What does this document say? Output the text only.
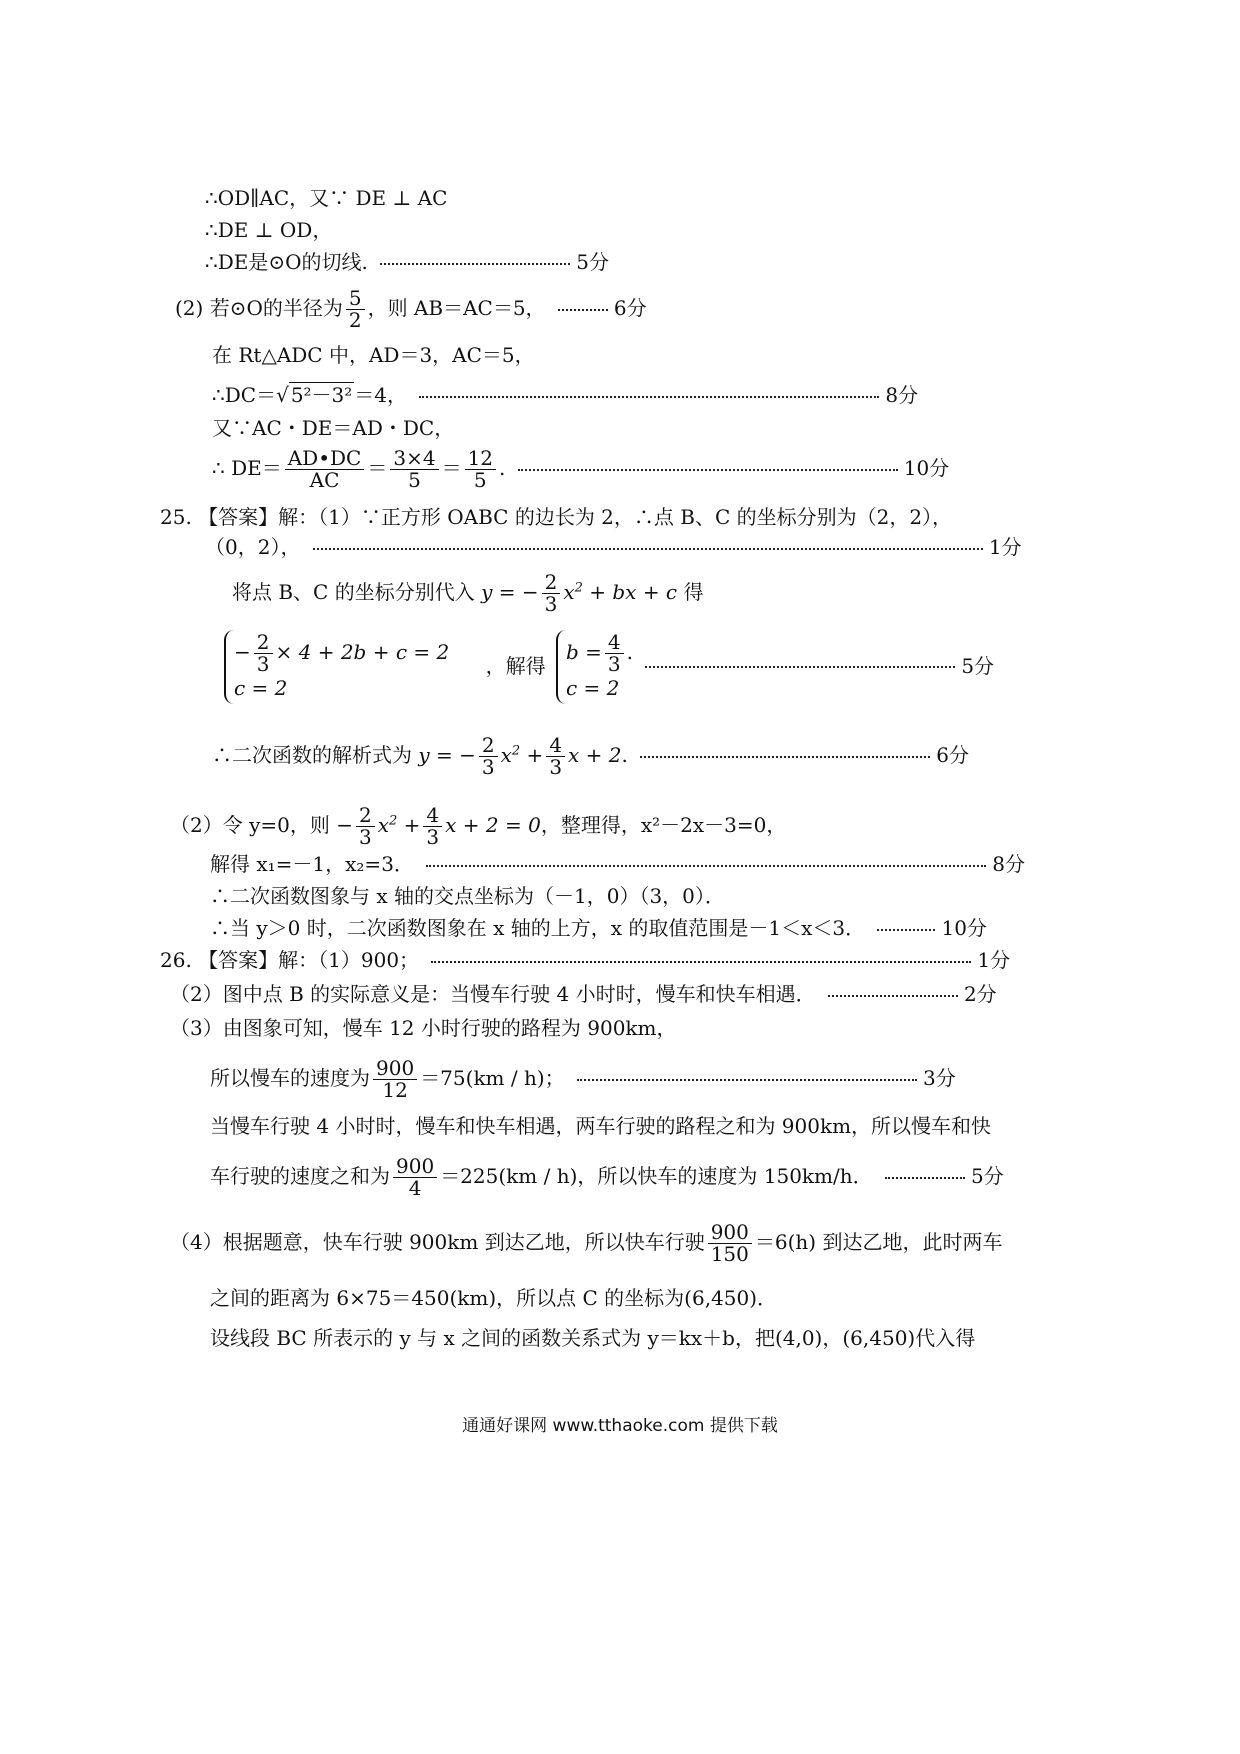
∴OD∥AC，又∵ DE ⊥ AC
∴DE ⊥ OD，
∴DE是⊙O的切线.	5分
(2) 若⊙O的半径为 $\frac{5}{2}$ ，则 AB＝AC＝5，	6分
在 Rt△ADC 中，AD＝3，AC＝5，
∴DC＝√ 5²－3² ＝4，	8分
又∵AC・DE＝AD・DC，
∴ $DE= \frac{AD•DC}{AC} = \frac{3\times 4}{5} = \frac{12}{5}$ .	10分
25. 【答案】解：（1）∵正方形 OABC 的边长为 2，∴点 B、C 的坐标分别为（2，2），
（0，2），	1分
将点 B、C 的坐标分别代入 y = − $\frac{2}{3} x^2$ + bx + c 得
− $\frac{2}{3} \times 4 + 2b + c = 2$
c = 2
，解得
$b = \frac{4}{3}$ .
c = 2
5分
∴二次函数的解析式为 y = − $\frac{2}{3} x^2 + \frac{4}{3}$ x + 2.	6分
（2）令 y=0，则 − $\frac{2}{3} x^2 + \frac{4}{3}$ x + 2 = 0，整理得，x²－2x－3=0，
解得 x₁=－1，x₂=3．	8分
∴二次函数图象与 x 轴的交点坐标为（－1，0）（3，0）．
∴当 y＞0 时，二次函数图象在 x 轴的上方，x 的取值范围是－1＜x＜3．	10分
26. 【答案】解：（1）900；	1分
（2）图中点 B 的实际意义是：当慢车行驶 4 小时时，慢车和快车相遇．	2分
（3）由图象可知，慢车 12 小时行驶的路程为 900km，
所以慢车的速度为 $\frac{900}{12} =75(km / h)$；	3分
当慢车行驶 4 小时时，慢车和快车相遇，两车行驶的路程之和为 900km，所以慢车和快
车行驶的速度之和为 $\frac{900}{4} =225(km / h)$，所以快车的速度为 150km/h．	5分
（4）根据题意，快车行驶 900km 到达乙地，所以快车行驶 $\frac{900}{150} =6(h)$ 到达乙地，此时两车
之间的距离为 6×75＝450(km)，所以点 C 的坐标为(6,450)．
设线段 BC 所表示的 y 与 x 之间的函数关系式为 y＝kx＋b，把(4,0)，(6,450)代入得
通通好课网 www.tthaoke.com 提供下载
